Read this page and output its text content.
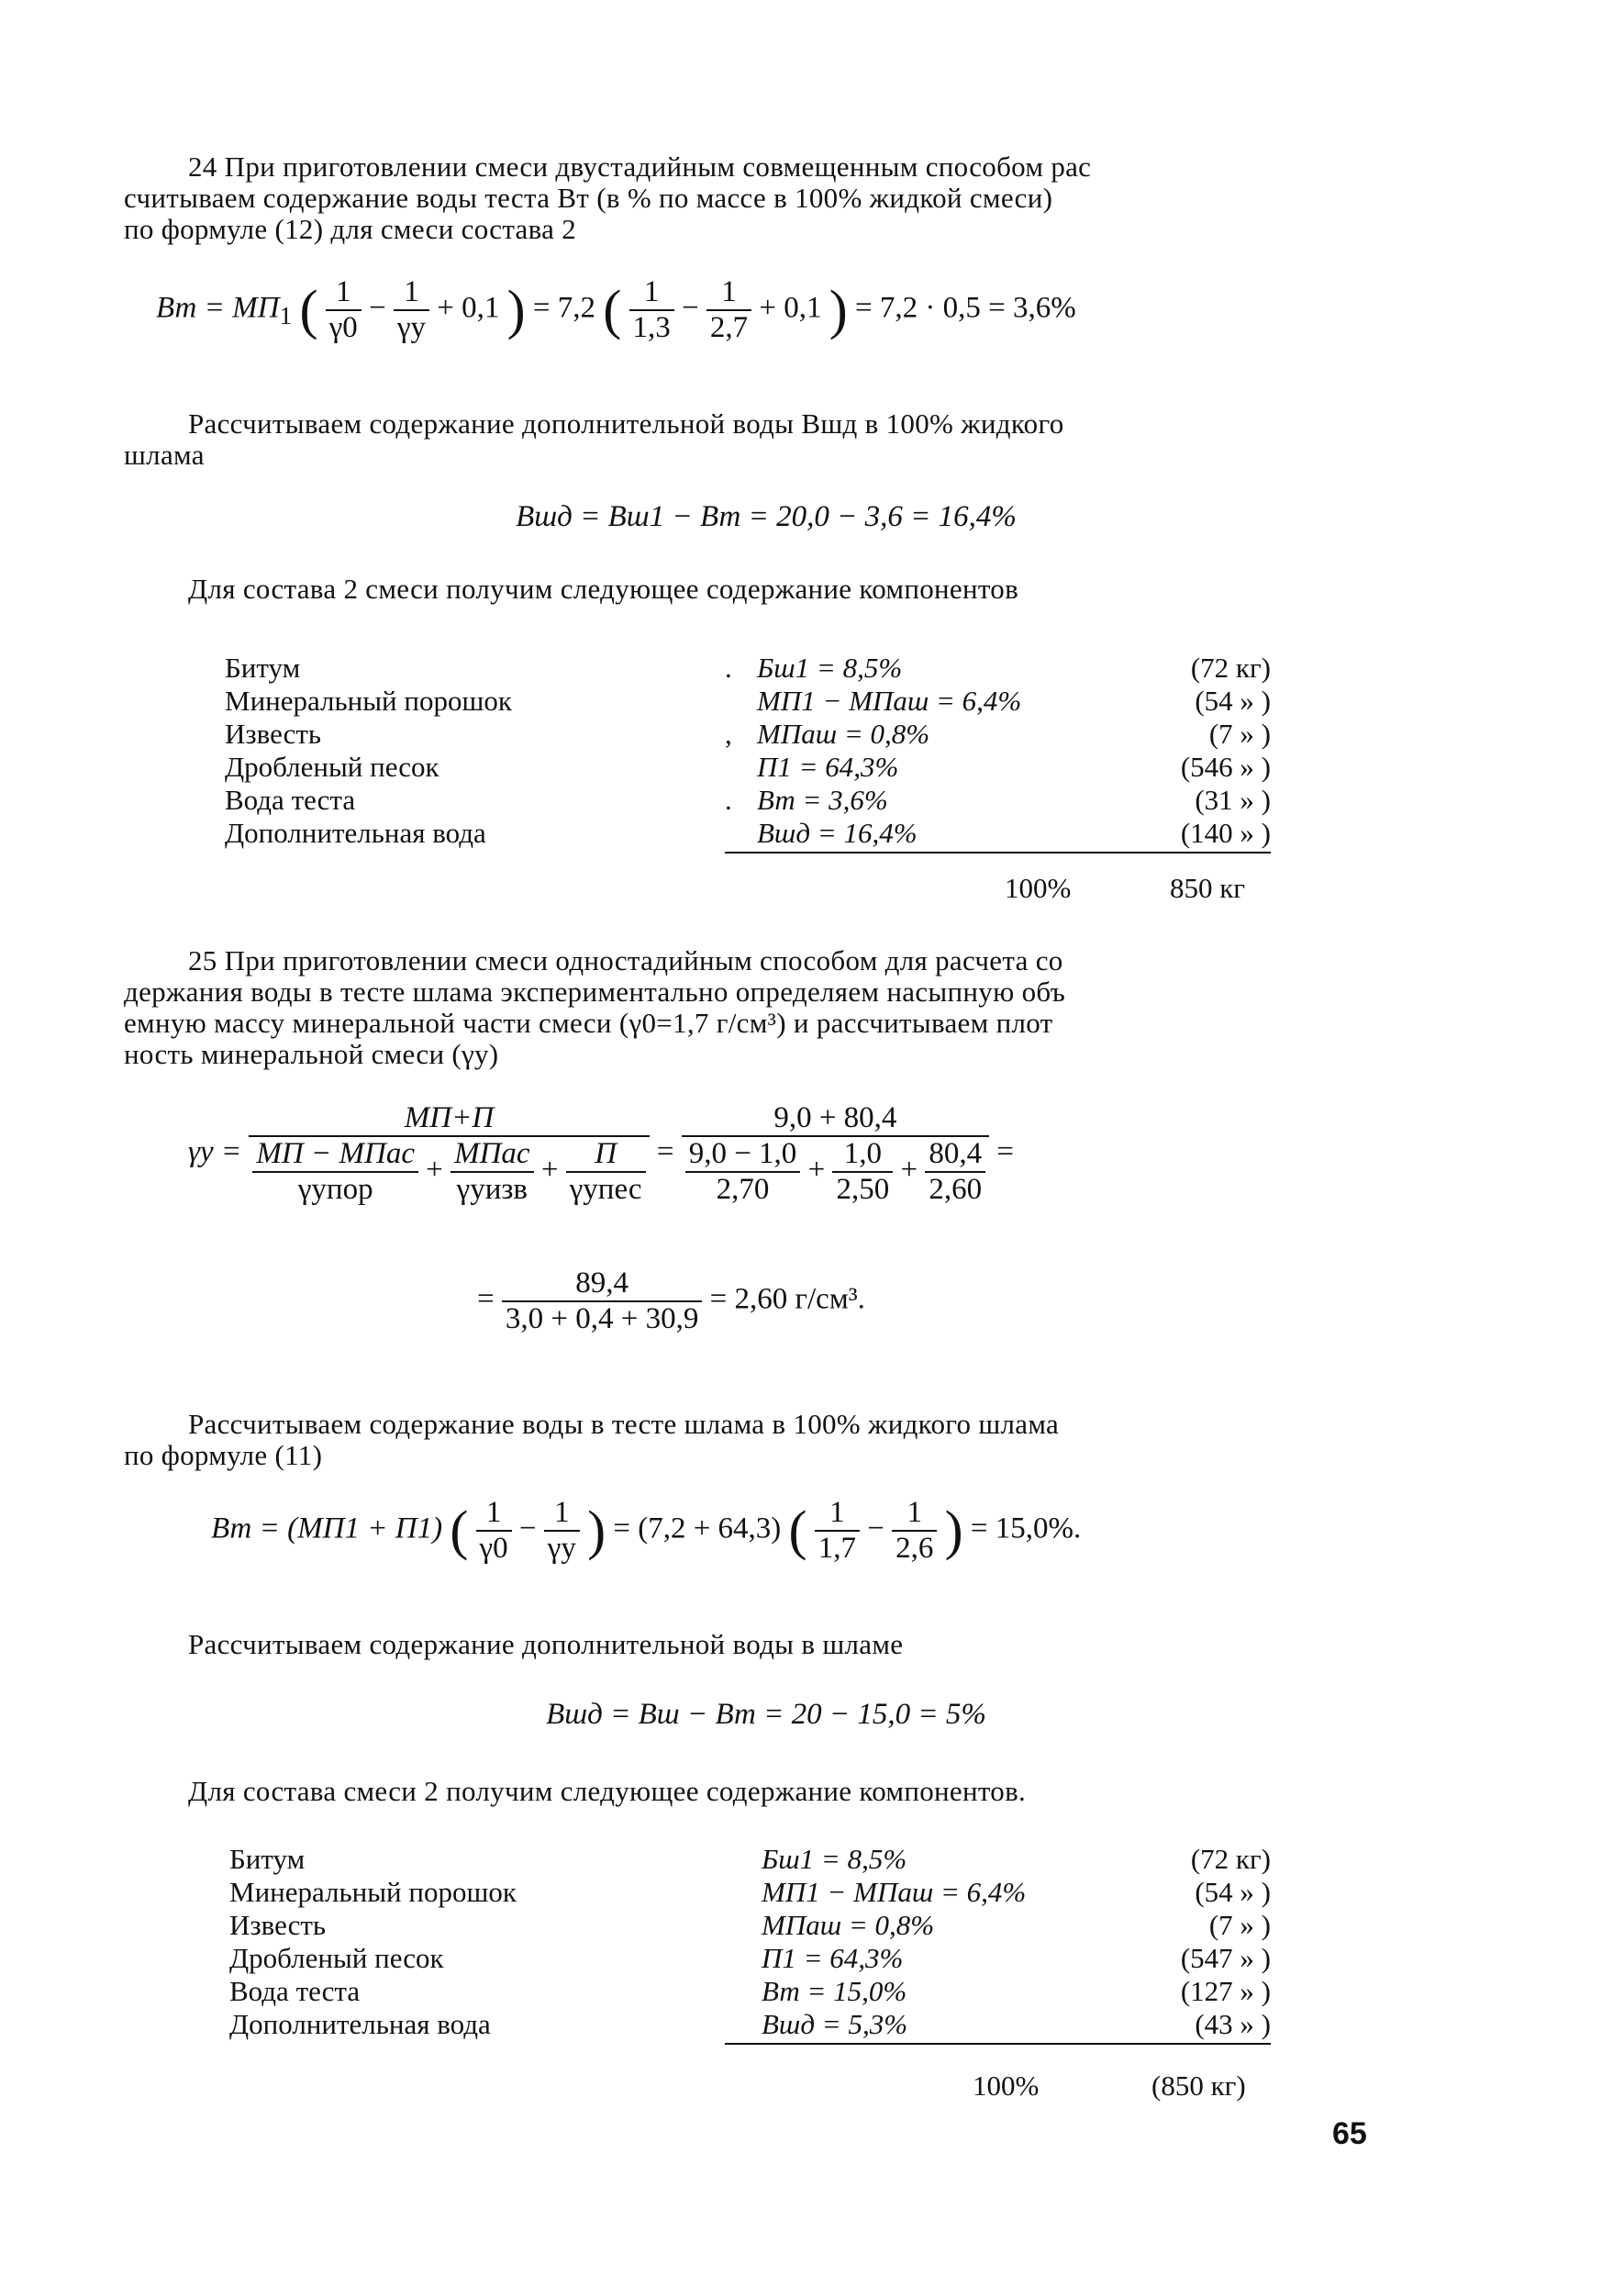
24 При приготовлении смеси двустадийным совмещенным способом рас

считываем содержание воды теста Вт (в % по массе в 100% жидкой смеси)

по формуле (12) для смеси состава 2

Вт = $МП_1$ ( $\frac{1}{\gamma 0} - \frac{1}{\gamma у} + 0,1$ ) = 7,2 ( $\frac{1}{1,3} - \frac{1}{2,7} + 0,1$ ) = 7,2 · 0,5 = 3,6%

Рассчитываем содержание дополнительной воды Вшд в 100% жидкого

шлама

Вшд = Вш1 − Вт = 20,0 − 3,6 = 16,4%

Для состава 2 смеси получим следующее содержание компонентов

Битум	. Бш1 = 8,5%	(72 кг)
Минеральный порошок	МП1 − МПаш = 6,4%	(54 » )
Известь	, МПаш = 0,8%	(7 » )
Дробленый песок	П1 = 64,3%	(546 » )
Вода теста	. Вт = 3,6%	(31 » )
Дополнительная вода	Вшд = 16,4%	(140 » )
100%	850 кг

25 При приготовлении смеси одностадийным способом для расчета со

держания воды в тесте шлама экспериментально определяем насыпную объ

емную массу минеральной части смеси (γ0=1,7 г/см³) и рассчитываем плот

ность минеральной смеси (γу)

$\gamma у = \frac{МП+П}{\frac{\text{МП − МПас}}{\text{γупор}} + \frac{\text{МПас}}{\text{γуизв}} + \frac{П}{\text{γупес}}} = \frac{9,0 + 80,4}{\frac{9,0 - 1,0}{2,70} + \frac{1,0}{2,50} + \frac{80,4}{2,60}}$ =
= $\frac{89,4}{3,0 + 0,4 + 30,9} = 2,60$ г/см³.

Рассчитываем содержание воды в тесте шлама в 100% жидкого шлама

по формуле (11)

Вт = (МП1 + П1) ( $\frac{1}{\gamma 0} - \frac{1}{\gamma у}$ ) = (7,2 + 64,3) ( $\frac{1}{1,7} - \frac{1}{2,6}$ ) = 15,0%.

Рассчитываем содержание дополнительной воды в шламе

Вшд = Вш − Вт = 20 − 15,0 = 5%

Для состава смеси 2 получим следующее содержание компонентов.

Битум	Бш1 = 8,5%	(72 кг)
Минеральный порошок	МП1 − МПаш = 6,4%	(54 » )
Известь	МПаш = 0,8%	(7 » )
Дробленый песок	П1 = 64,3%	(547 » )
Вода теста	Вт = 15,0%	(127 » )
Дополнительная вода	Вшд = 5,3%	(43 » )
100%	(850 кг)
65
